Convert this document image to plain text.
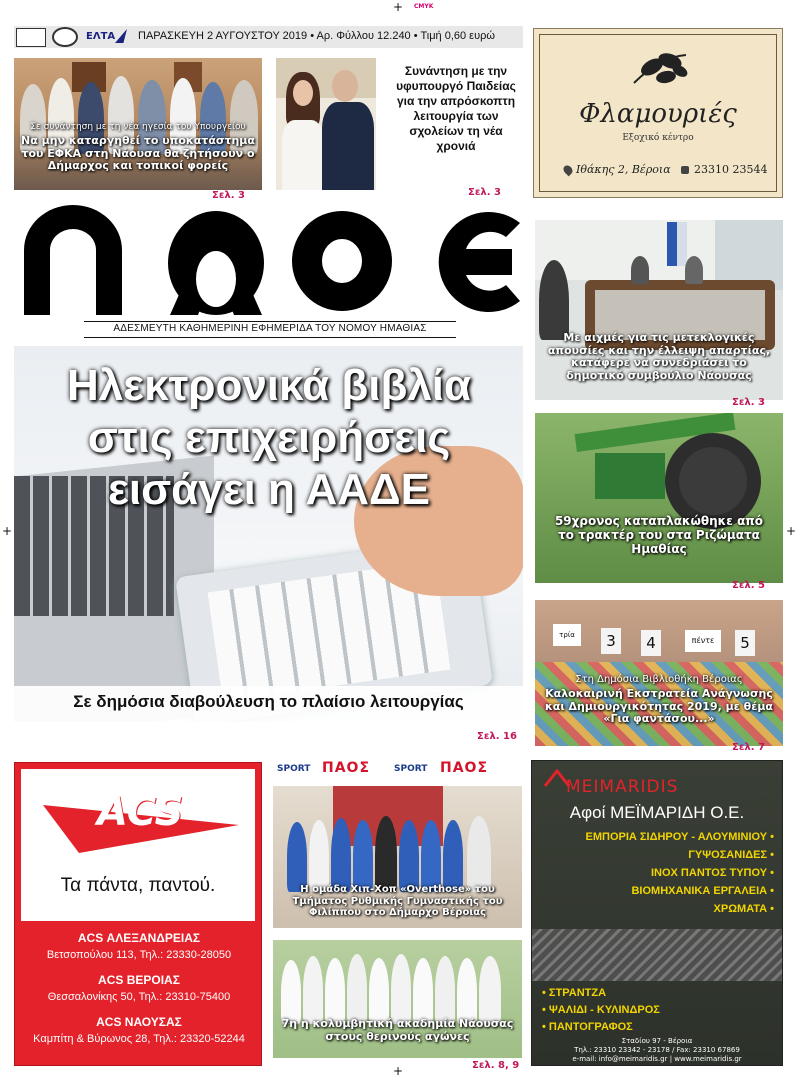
+ CMYK
+	+
+
ΕΛΤΑ ΠΑΡΑΣΚΕΥΗ 2 ΑΥΓΟΥΣΤΟΥ 2019 • Αρ. Φύλλου 12.240 • Τιμή 0,60 ευρώ
Σε συνάντηση με τη νέα ηγεσία του Υπουργείου
Να μην καταργηθεί το υποκατάστημα του ΕΦΚΑ στη Νάουσα θα ζητήσουν ο Δήμαρχος και τοπικοί φορείς
Σελ. 3
Συνάντηση με την υφυπουργό Παιδείας για την απρόσκοπτη λειτουργία των σχολείων τη νέα χρονιά
Σελ. 3
Φλαμουριές
Εξοχικό κέντρο
Ιθάκης 2, Βέροια 23310 23544
ΑΔΕΣΜΕΥΤΗ ΚΑΘΗΜΕΡΙΝΗ ΕΦΗΜΕΡΙΔΑ ΤΟΥ ΝΟΜΟΥ ΗΜΑΘΙΑΣ
Με αιχμές για τις μετεκλογικές απουσίες και την έλλειψη απαρτίας, κατάφερε να συνεδριάσει το δημοτικό συμβούλιο Νάουσας
Σελ. 3
Ηλεκτρονικά βιβλία στις επιχειρήσεις εισάγει η ΑΑΔΕ
Σε δημόσια διαβούλευση το πλαίσιο λειτουργίας
Σελ. 16
59χρονος καταπλακώθηκε από το τρακτέρ του στα Ριζώματα Ημαθίας
Σελ. 5
τρία	3	4	πέντε	5
Στη Δημόσια Βιβλιοθήκη Βέροιας
Καλοκαιρινή Εκστρατεία Ανάγνωσης και Δημιουργικότητας 2019, με θέμα «Για φαντάσου...»
Σελ. 7
ACS
Τα πάντα, παντού.
ACS ΑΛΕΞΑΝΔΡΕΙΑΣ
Βετσοπούλου 113, Τηλ.: 23330-28050
ACS ΒΕΡΟΙΑΣ
Θεσσαλονίκης 50, Τηλ.: 23310-75400
ACS ΝΑΟΥΣΑΣ
Καμπίτη & Βύρωνος 28, Τηλ.: 23320-52244
SPORT ΠΑΟΣ	SPORT ΠΑΟΣ
Η ομάδα Χιπ-Χοπ «Overthose» του Τμήματος Ρυθμικής Γυμναστικής του Φιλίππου στο Δήμαρχο Βέροιας
7η η κολυμβητική ακαδημία Νάουσας στους θερινούς αγώνες
Σελ. 8, 9
MEIMARIDIS
Αφοί ΜΕΪΜΑΡΙΔΗ Ο.Ε.
ΕΜΠΟΡΙΑ ΣΙΔΗΡΟΥ - ΑΛΟΥΜΙΝΙΟΥ •
ΓΥΨΟΣΑΝΙΔΕΣ •
ΙΝΟΧ ΠΑΝΤΟΣ ΤΥΠΟΥ •
ΒΙΟΜΗΧΑΝΙΚΑ ΕΡΓΑΛΕΙΑ •
ΧΡΩΜΑΤΑ •
• ΣΤΡΑΝΤΖΑ
• ΨΑΛΙΔΙ - ΚΥΛΙΝΔΡΟΣ
• ΠΑΝΤΟΓΡΑΦΟΣ
Σταδίου 97 - Βέροια
Τηλ.: 23310 23342 - 23178 / Fax: 23310 67869
e-mail: info@meimaridis.gr | www.meimaridis.gr
